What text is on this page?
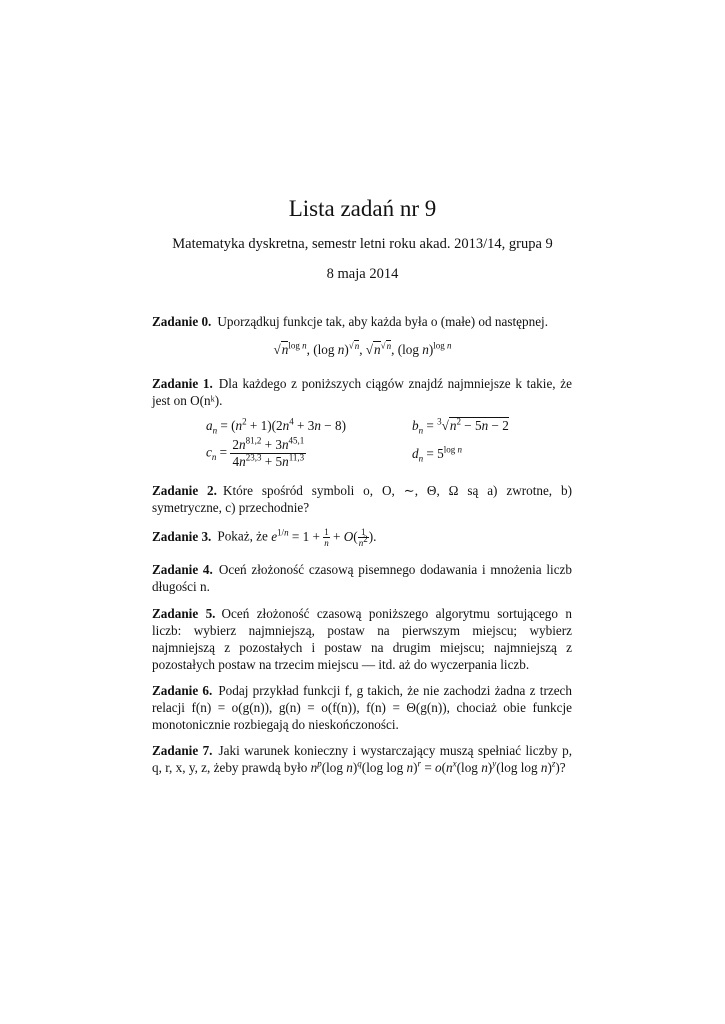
Lista zadań nr 9
Matematyka dyskretna, semestr letni roku akad. 2013/14, grupa 9
8 maja 2014
Zadanie 0. Uporządkuj funkcje tak, aby każda była o (małe) od następnej.
$√n^{log n}$, (log n)$^{√n}$, $√n^{√n}$, (log n)$^{log n}$
Zadanie 1. Dla każdego z poniższych ciągów znajdź najmniejsze k takie, że jest on O(nᵏ).
$a_n = (n^2 + 1)(2n^4 + 3n - 8)$	$b_n = ^3√n^2 - 5n - 2$
$c_n = \frac{2n^{81,2} + 3n^{45,1}}{4n^{23,3} + 5n^{11,3}}$	$d_n = 5^{log n}$
Zadanie 2. Które spośród symboli o, O, ∼, Θ, Ω są a) zwrotne, b) symetryczne, c) przechodnie?
Zadanie 3. Pokaż, że $e^{1/n} = 1 + \frac{1}{n} + O( \frac{1}{n^2}$ ).
Zadanie 4. Oceń złożoność czasową pisemnego dodawania i mnożenia liczb długości n.
Zadanie 5. Oceń złożoność czasową poniższego algorytmu sortującego n liczb: wybierz najmniejszą, postaw na pierwszym miejscu; wybierz najmniejszą z pozostałych i postaw na drugim miejscu; najmniejszą z pozostałych postaw na trzecim miejscu — itd. aż do wyczerpania liczb.
Zadanie 6. Podaj przykład funkcji f, g takich, że nie zachodzi żadna z trzech relacji f(n) = o(g(n)), g(n) = o(f(n)), f(n) = Θ(g(n)), chociaż obie funkcje monotonicznie rozbiegają do nieskończoności.
Zadanie 7. Jaki warunek konieczny i wystarczający muszą spełniać liczby p, q, r, x, y, z, żeby prawdą było $n^p(\log$ n)$^q$(log $\log n)^r = o(n^x(\log$ n)$^y$(log log n)$^z$)?
